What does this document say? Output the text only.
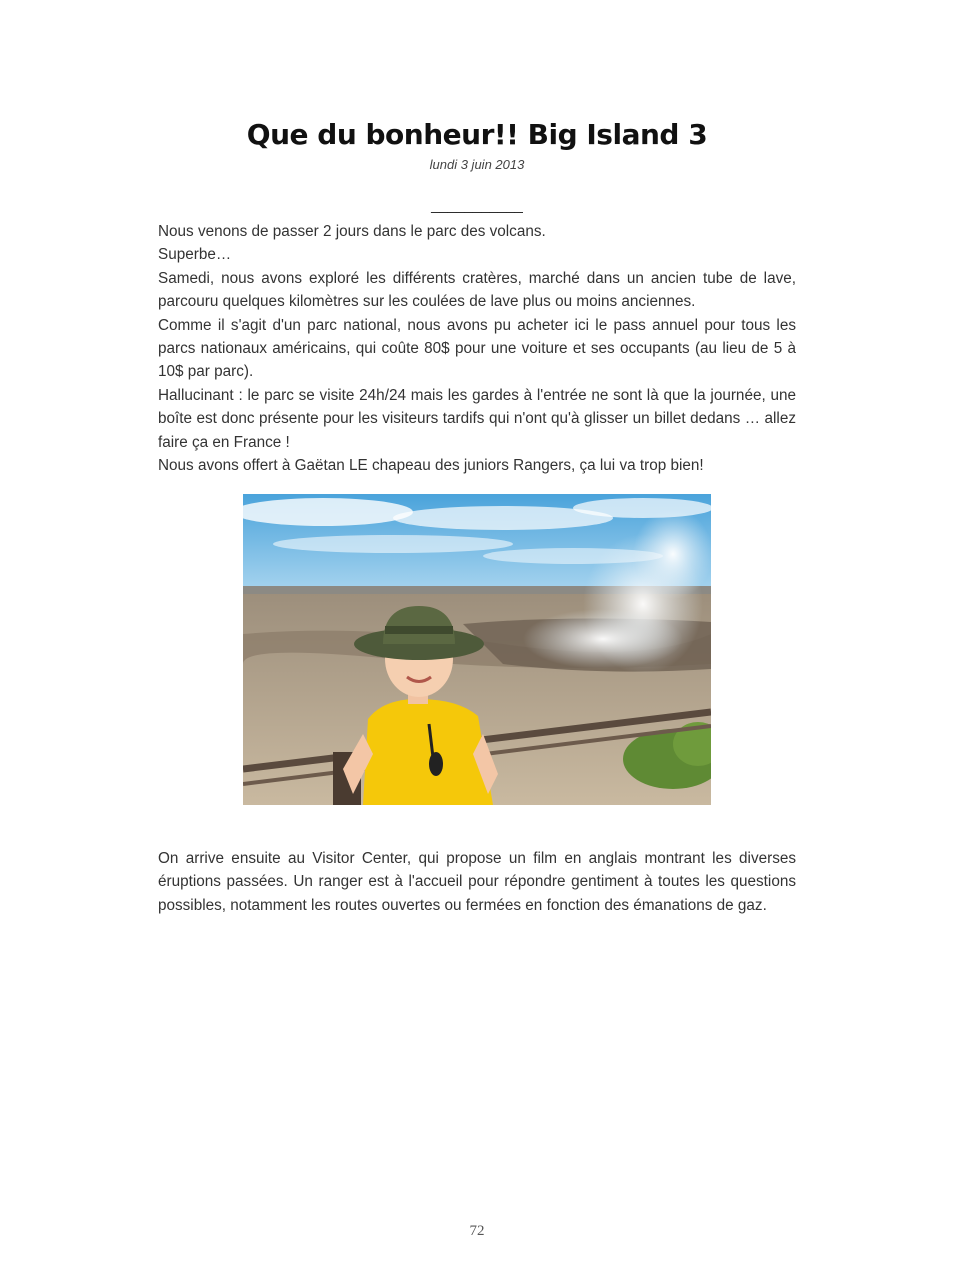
Que du bonheur!! Big Island 3
lundi 3 juin 2013
___________

Nous venons de passer 2 jours dans le parc des volcans.

Superbe…

Samedi, nous avons exploré les différents cratères, marché dans un ancien tube de lave, parcouru quelques kilomètres sur les coulées de lave plus ou moins anciennes.

Comme il s'agit d'un parc national, nous avons pu acheter ici le pass annuel pour tous les parcs nationaux américains, qui coûte 80$ pour une voiture et ses occupants (au lieu de 5 à 10$ par parc).

Hallucinant : le parc se visite 24h/24 mais les gardes à l'entrée ne sont là que la journée, une boîte est donc présente pour les visiteurs tardifs qui n'ont qu'à glisser un billet dedans … allez faire ça en France !

Nous avons offert à Gaëtan LE chapeau des juniors Rangers, ça lui va trop bien!

On arrive ensuite au Visitor Center, qui propose un film en anglais montrant les diverses éruptions passées. Un ranger est à l'accueil pour répondre gentiment à toutes les questions possibles, notamment les routes ouvertes ou fermées en fonction des émanations de gaz.

72
